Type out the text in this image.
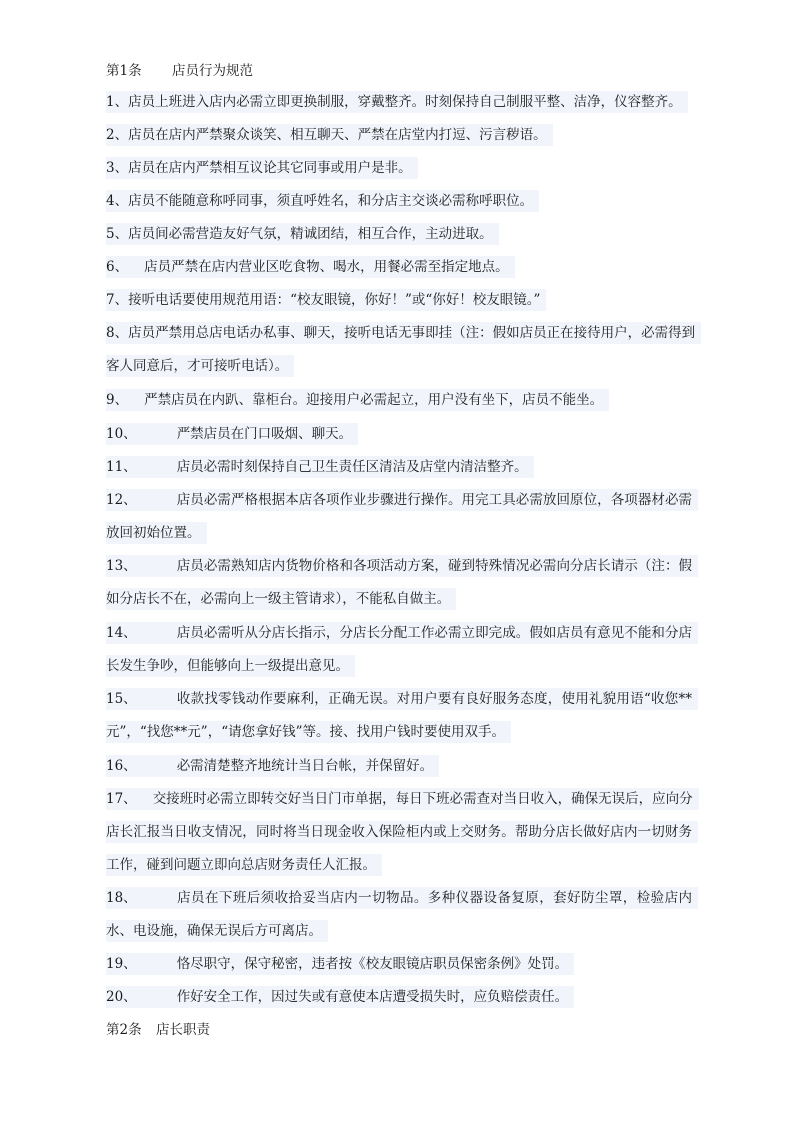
第1条 店员行为规范
1、店员上班进入店内必需立即更换制服，穿戴整齐。时刻保持自己制服平整、洁净，仪容整齐。
2、店员在店内严禁聚众谈笑、相互聊天、严禁在店堂内打逗、污言秽语。
3、店员在店内严禁相互议论其它同事或用户是非。
4、店员不能随意称呼同事，须直呼姓名，和分店主交谈必需称呼职位。
5、店员间必需营造友好气氛，精诚团结，相互合作，主动进取。
6、 店员严禁在店内营业区吃食物、喝水，用餐必需至指定地点。
7、接听电话要使用规范用语：“校友眼镜，你好！”或“你好！校友眼镜。”
8、店员严禁用总店电话办私事、聊天，接听电话无事即挂（注：假如店员正在接待用户，必需得到客人同意后，才可接听电话）。
9、 严禁店员在内趴、靠柜台。迎接用户必需起立，用户没有坐下，店员不能坐。
10、	严禁店员在门口吸烟、聊天。
11、	店员必需时刻保持自己卫生责任区清洁及店堂内清洁整齐。
12、	店员必需严格根据本店各项作业步骤进行操作。用完工具必需放回原位，各项器材必需放回初始位置。
13、	店员必需熟知店内货物价格和各项活动方案，碰到特殊情况必需向分店长请示（注：假如分店长不在，必需向上一级主管请求），不能私自做主。
14、	店员必需听从分店长指示，分店长分配工作必需立即完成。假如店员有意见不能和分店长发生争吵，但能够向上一级提出意见。
15、	收款找零钱动作要麻利，正确无误。对用户要有良好服务态度，使用礼貌用语“收您**元”，“找您**元”，“请您拿好钱”等。接、找用户钱时要使用双手。
16、	必需清楚整齐地统计当日台帐，并保留好。
17、 交接班时必需立即转交好当日门市单据，每日下班必需查对当日收入，确保无误后，应向分店长汇报当日收支情况，同时将当日现金收入保险柜内或上交财务。帮助分店长做好店内一切财务工作，碰到问题立即向总店财务责任人汇报。
18、	店员在下班后须收拾妥当店内一切物品。多种仪器设备复原，套好防尘罩，检验店内水、电设施，确保无误后方可离店。
19、	恪尽职守，保守秘密，违者按《校友眼镜店职员保密条例》处罚。
20、	作好安全工作，因过失或有意使本店遭受损失时，应负赔偿责任。
第2条 店长职责
